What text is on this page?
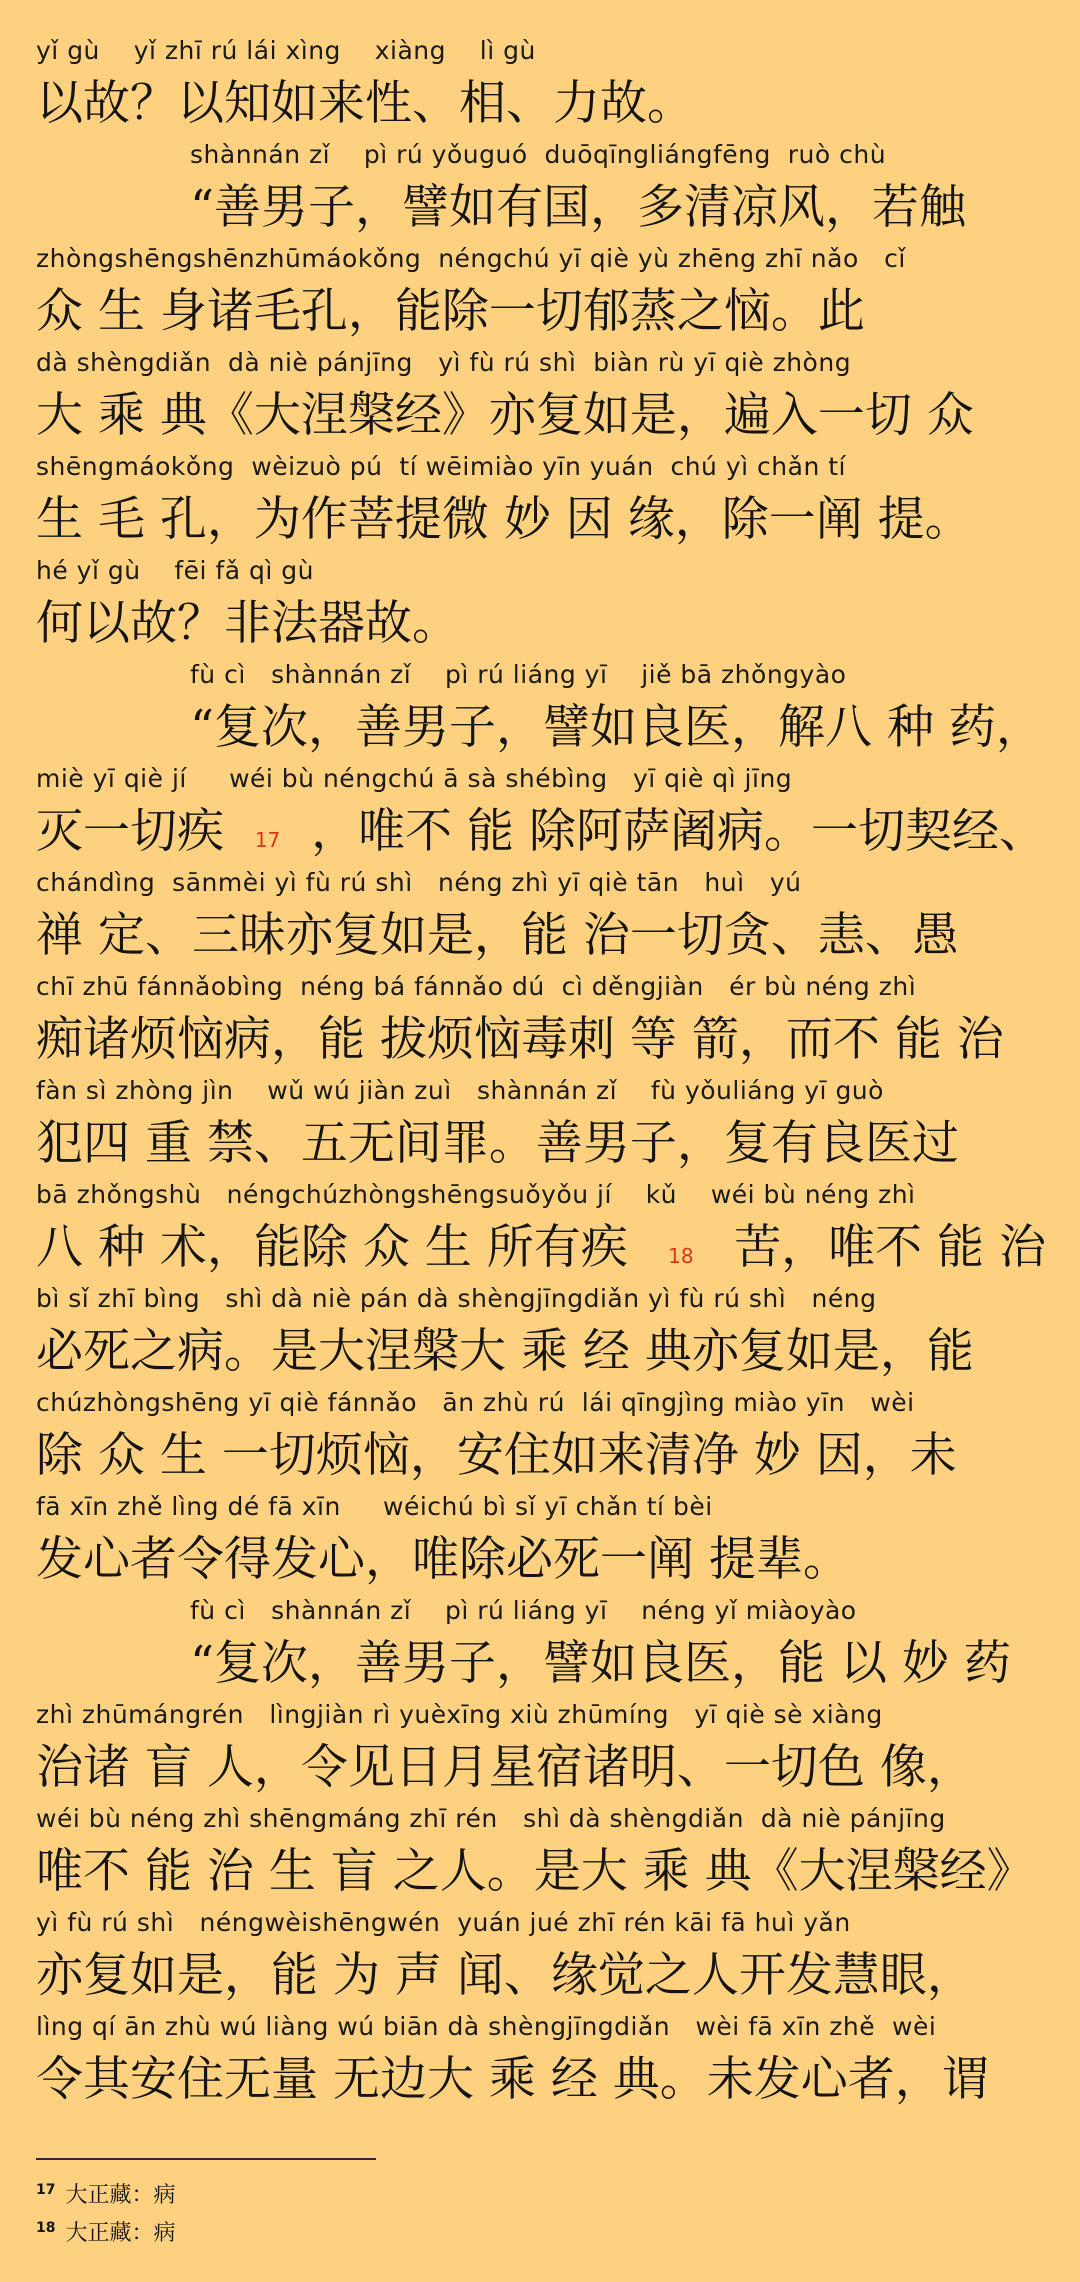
yǐ gù    yǐ zhī rú lái xìng    xiàng    lì gù
以故？以知如来性、相、力故。
shànnán zǐ    pì rú yǒuguó  duōqīngliángfēng  ruò chù
“善男子，譬如有国，多清凉风，若触
zhòngshēngshēnzhūmáokǒng  néngchú yī qiè yù zhēng zhī nǎo   cǐ
众 生 身诸毛孔，能除一切郁蒸之恼。此
dà shèngdiǎn  dà niè pánjīng   yì fù rú shì  biàn rù yī qiè zhòng
大 乘 典《大涅槃经》亦复如是，遍入一切 众
shēngmáokǒng  wèizuò pú  tí wēimiào yīn yuán  chú yì chǎn tí
生 毛 孔，为作菩提微 妙 因 缘，除一阐 提。
hé yǐ gù    fēi fǎ qì gù
何以故？非法器故。
fù cì   shànnán zǐ    pì rú liáng yī    jiě bā zhǒngyào
“复次，善男子，譬如良医，解八 种 药，
miè yī qiè jí     wéi bù néngchú ā sà shébìng   yī qiè qì jīng
灭一切疾 17 ，唯不 能 除阿萨阇病。一切契经、
chándìng  sānmèi yì fù rú shì   néng zhì yī qiè tān   huì   yú
禅 定、三昧亦复如是，能 治一切贪、恚、愚
chī zhū fánnǎobìng  néng bá fánnǎo dú  cì děngjiàn   ér bù néng zhì
痴诸烦恼病，能 拔烦恼毒刺 等 箭，而不 能 治
fàn sì zhòng jìn    wǔ wú jiàn zuì   shànnán zǐ    fù yǒuliáng yī guò
犯四 重 禁、五无间罪。善男子，复有良医过
bā zhǒngshù   néngchúzhòngshēngsuǒyǒu jí    kǔ    wéi bù néng zhì
八 种 术，能除 众 生 所有疾 18 苦，唯不 能 治
bì sǐ zhī bìng   shì dà niè pán dà shèngjīngdiǎn yì fù rú shì   néng
必死之病。是大涅槃大 乘 经 典亦复如是，能
chúzhòngshēng yī qiè fánnǎo   ān zhù rú  lái qīngjìng miào yīn   wèi
除 众 生 一切烦恼，安住如来清净 妙 因，未
fā xīn zhě lìng dé fā xīn     wéichú bì sǐ yī chǎn tí bèi
发心者令得发心，唯除必死一阐 提辈。
fù cì   shànnán zǐ    pì rú liáng yī    néng yǐ miàoyào
“复次，善男子，譬如良医，能 以 妙 药
zhì zhūmángrén   lìngjiàn rì yuèxīng xiù zhūmíng   yī qiè sè xiàng
治诸 盲 人，令见日月星宿诸明、一切色 像，
wéi bù néng zhì shēngmáng zhī rén   shì dà shèngdiǎn  dà niè pánjīng
唯不 能 治 生 盲 之人。是大 乘 典《大涅槃经》
yì fù rú shì   néngwèishēngwén  yuán jué zhī rén kāi fā huì yǎn
亦复如是，能 为 声 闻、缘觉之人开发慧眼，
lìng qí ān zhù wú liàng wú biān dà shèngjīngdiǎn   wèi fā xīn zhě  wèi
令其安住无量 无边大 乘 经 典。未发心者，谓
$^{17}$ 大正藏：病
$^{18}$ 大正藏：病
